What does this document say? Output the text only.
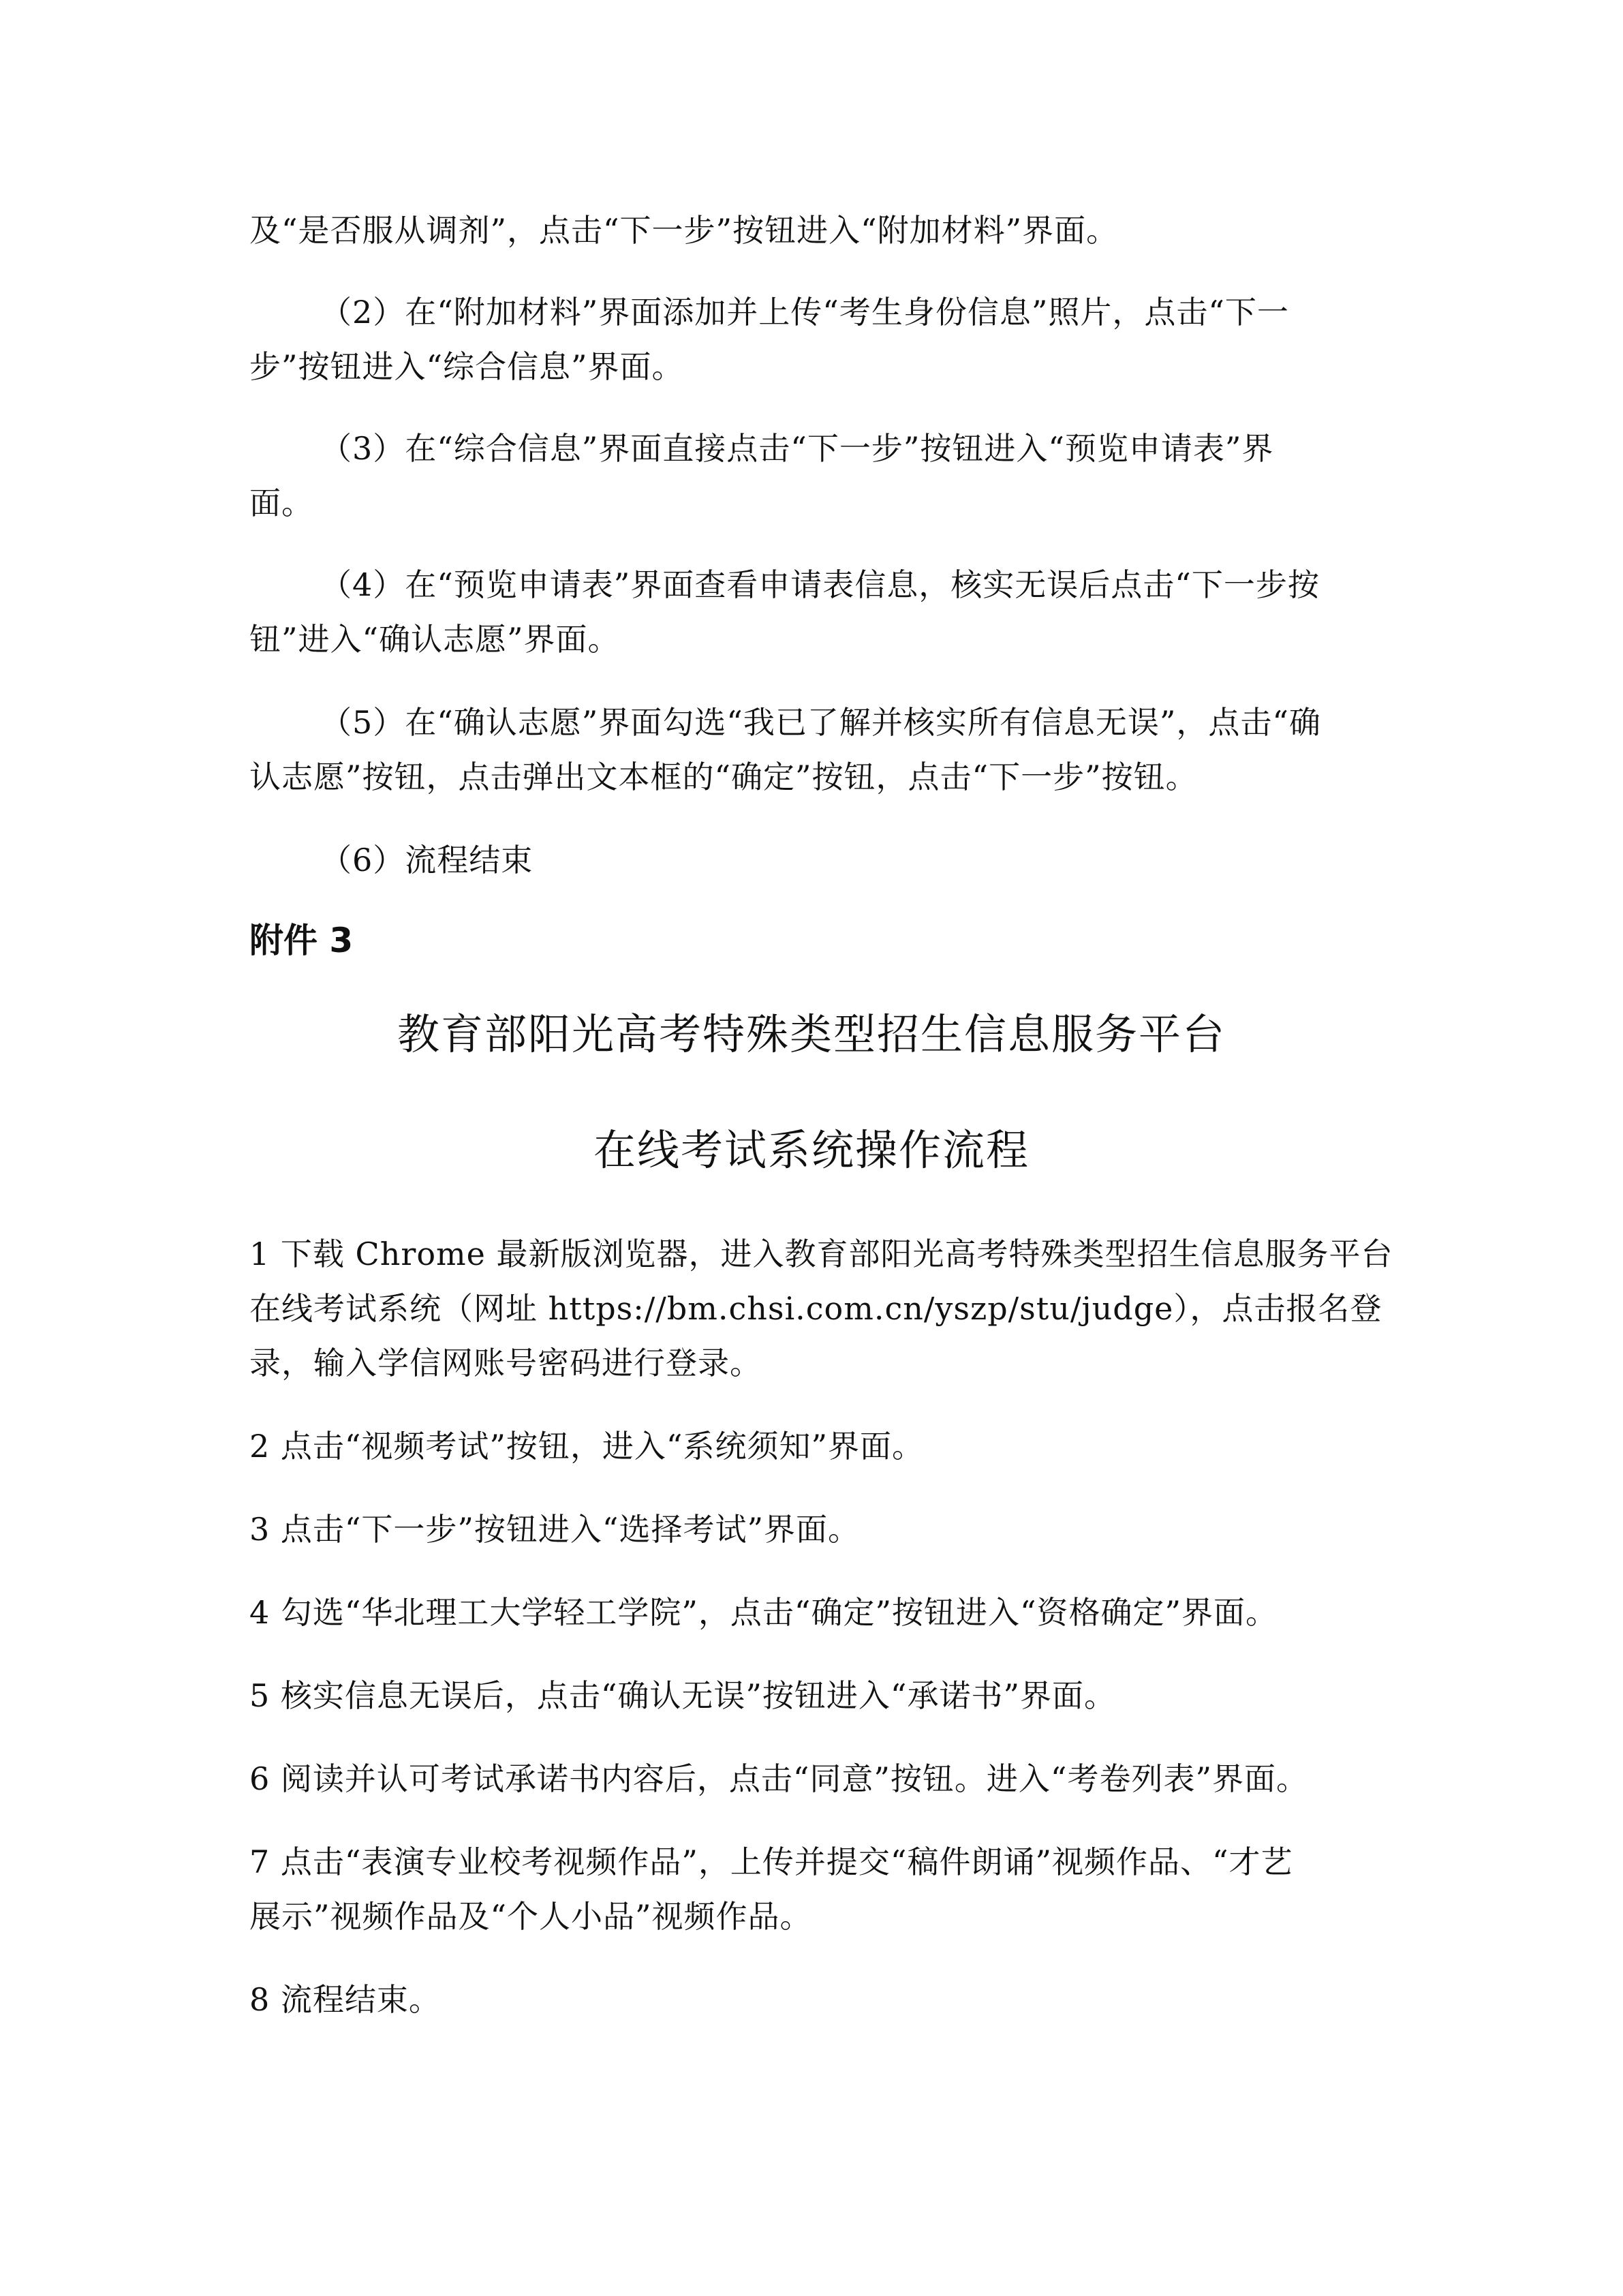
及“是否服从调剂”，点击“下一步”按钮进入“附加材料”界面。
（2）在“附加材料”界面添加并上传“考生身份信息”照片，点击“下一
步”按钮进入“综合信息”界面。
（3）在“综合信息”界面直接点击“下一步”按钮进入“预览申请表”界
面。
（4）在“预览申请表”界面查看申请表信息，核实无误后点击“下一步按
钮”进入“确认志愿”界面。
（5）在“确认志愿”界面勾选“我已了解并核实所有信息无误”，点击“确
认志愿”按钮，点击弹出文本框的“确定”按钮，点击“下一步”按钮。
（6）流程结束
附件 3
教育部阳光高考特殊类型招生信息服务平台
在线考试系统操作流程
1 下载 Chrome 最新版浏览器，进入教育部阳光高考特殊类型招生信息服务平台
在线考试系统（网址 https://bm.chsi.com.cn/yszp/stu/judge），点击报名登
录，输入学信网账号密码进行登录。
2 点击“视频考试”按钮，进入“系统须知”界面。
3 点击“下一步”按钮进入“选择考试”界面。
4 勾选“华北理工大学轻工学院”，点击“确定”按钮进入“资格确定”界面。
5 核实信息无误后，点击“确认无误”按钮进入“承诺书”界面。
6 阅读并认可考试承诺书内容后，点击“同意”按钮。进入“考卷列表”界面。
7 点击“表演专业校考视频作品”，上传并提交“稿件朗诵”视频作品、“才艺
展示”视频作品及“个人小品”视频作品。
8 流程结束。
